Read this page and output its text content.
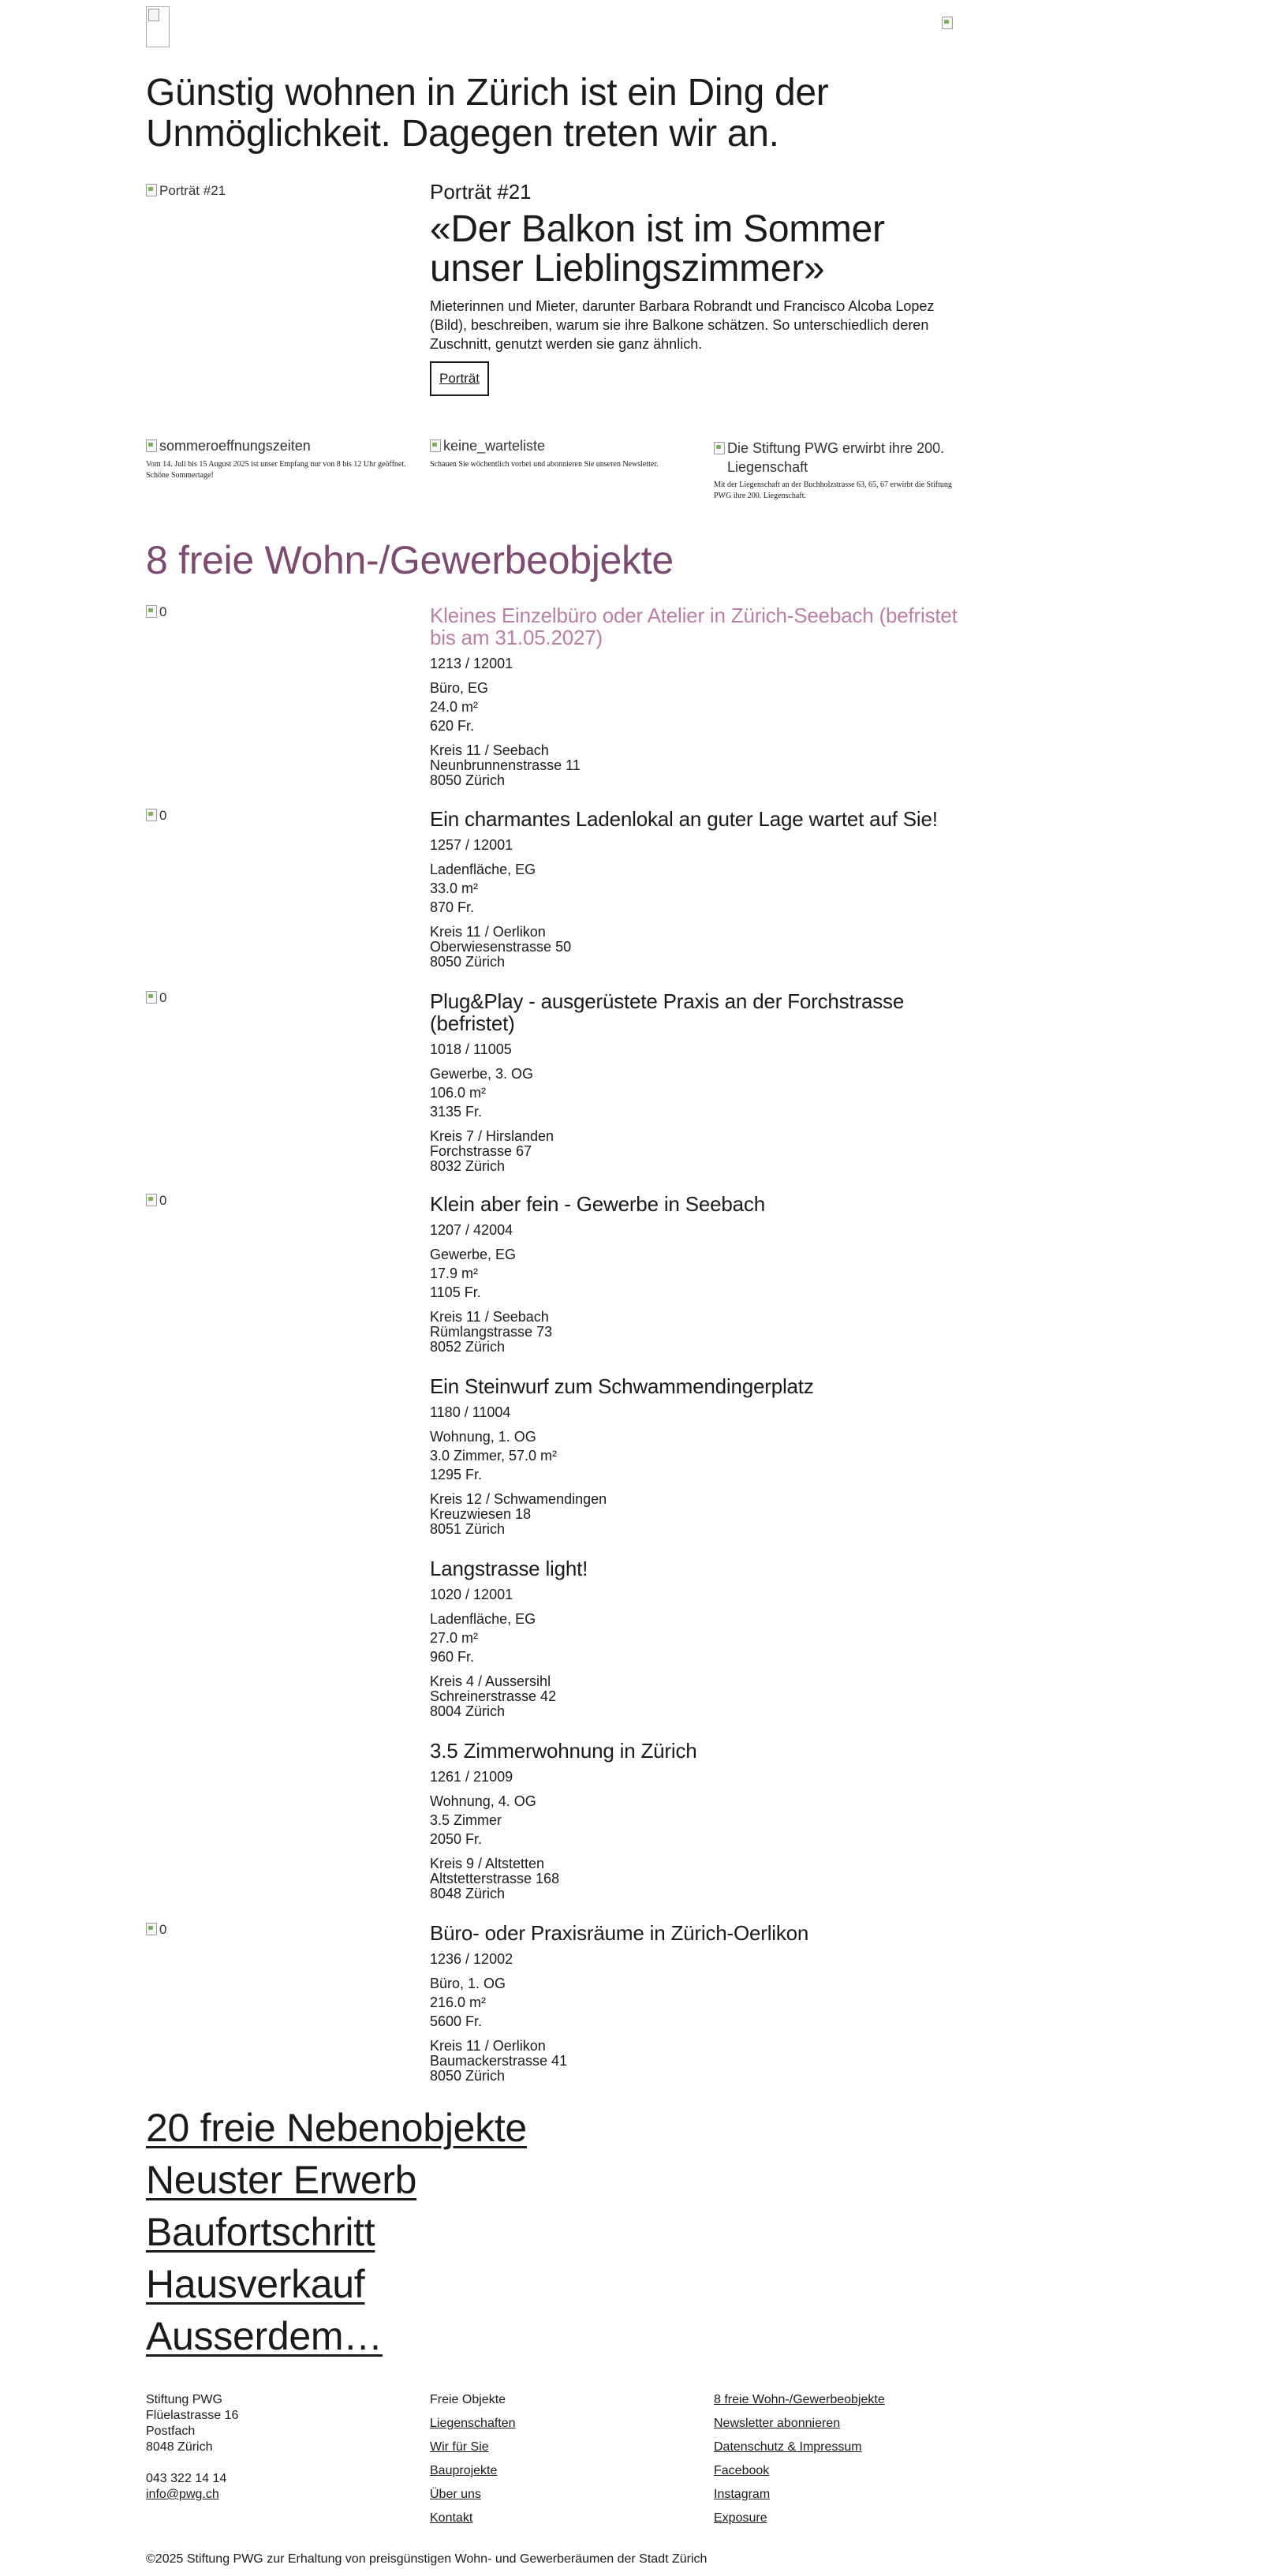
Günstig wohnen in Zürich ist ein Ding der Unmöglichkeit. Dagegen treten wir an.
Porträt #21	Porträt #21

«Der Balkon ist im Sommer unser Lieblingszimmer»

Mieterinnen und Mieter, darunter Barbara Robrandt und Francisco Alcoba Lopez (Bild), beschreiben, warum sie ihre Balkone schätzen. So unterschiedlich deren Zuschnitt, genutzt werden sie ganz ähnlich.

Porträt
sommeroeffnungszeiten
Vom 14. Juli bis 15 August 2025 ist unser Empfang nur von 8 bis 12 Uhr geöffnet. Schöne Sommertage!
keine_warteliste
Schauen Sie wöchentlich vorbei und abonnieren Sie unseren Newsletter.
Die Stiftung PWG erwirbt ihre 200. Liegenschaft
Mit der Liegenschaft an der Buchholzstrasse 63, 65, 67 erwirbt die Stiftung PWG ihre 200. Liegenschaft.
8 freie Wohn-/Gewerbeobjekte
0	Kleines Einzelbüro oder Atelier in Zürich-Seebach (befristet bis am 31.05.2027)

1213 / 12001
Büro, EG
24.0 m²
620 Fr.
Kreis 11 / Seebach
Neunbrunnenstrasse 11
8050 Zürich
0	Ein charmantes Ladenlokal an guter Lage wartet auf Sie!

1257 / 12001
Ladenfläche, EG
33.0 m²
870 Fr.
Kreis 11 / Oerlikon
Oberwiesenstrasse 50
8050 Zürich
0	Plug&Play - ausgerüstete Praxis an der Forchstrasse (befristet)

1018 / 11005
Gewerbe, 3. OG
106.0 m²
3135 Fr.
Kreis 7 / Hirslanden
Forchstrasse 67
8032 Zürich
0	Klein aber fein - Gewerbe in Seebach

1207 / 42004
Gewerbe, EG
17.9 m²
1105 Fr.
Kreis 11 / Seebach
Rümlangstrasse 73
8052 Zürich

Ein Steinwurf zum Schwammendingerplatz

1180 / 11004
Wohnung, 1. OG
3.0 Zimmer, 57.0 m²
1295 Fr.
Kreis 12 / Schwamendingen
Kreuzwiesen 18
8051 Zürich

Langstrasse light!

1020 / 12001
Ladenfläche, EG
27.0 m²
960 Fr.
Kreis 4 / Aussersihl
Schreinerstrasse 42
8004 Zürich

3.5 Zimmerwohnung in Zürich

1261 / 21009
Wohnung, 4. OG
3.5 Zimmer
2050 Fr.
Kreis 9 / Altstetten
Altstetterstrasse 168
8048 Zürich
0	Büro- oder Praxisräume in Zürich-Oerlikon

1236 / 12002
Büro, 1. OG
216.0 m²
5600 Fr.
Kreis 11 / Oerlikon
Baumackerstrasse 41
8050 Zürich
20 freie Nebenobjekte
Neuster Erwerb
Baufortschritt
Hausverkauf
Ausserdem…
Stiftung PWG
Flüelastrasse 16
Postfach
8048 Zürich
043 322 14 14
info@pwg.ch
Freie Objekte
Liegenschaften
Wir für Sie
Bauprojekte
Über uns
Kontakt
8 freie Wohn-/Gewerbeobjekte
Newsletter abonnieren
Datenschutz & Impressum
Facebook
Instagram
Exposure
©2025 Stiftung PWG zur Erhaltung von preisgünstigen Wohn- und Gewerberäumen der Stadt Zürich
